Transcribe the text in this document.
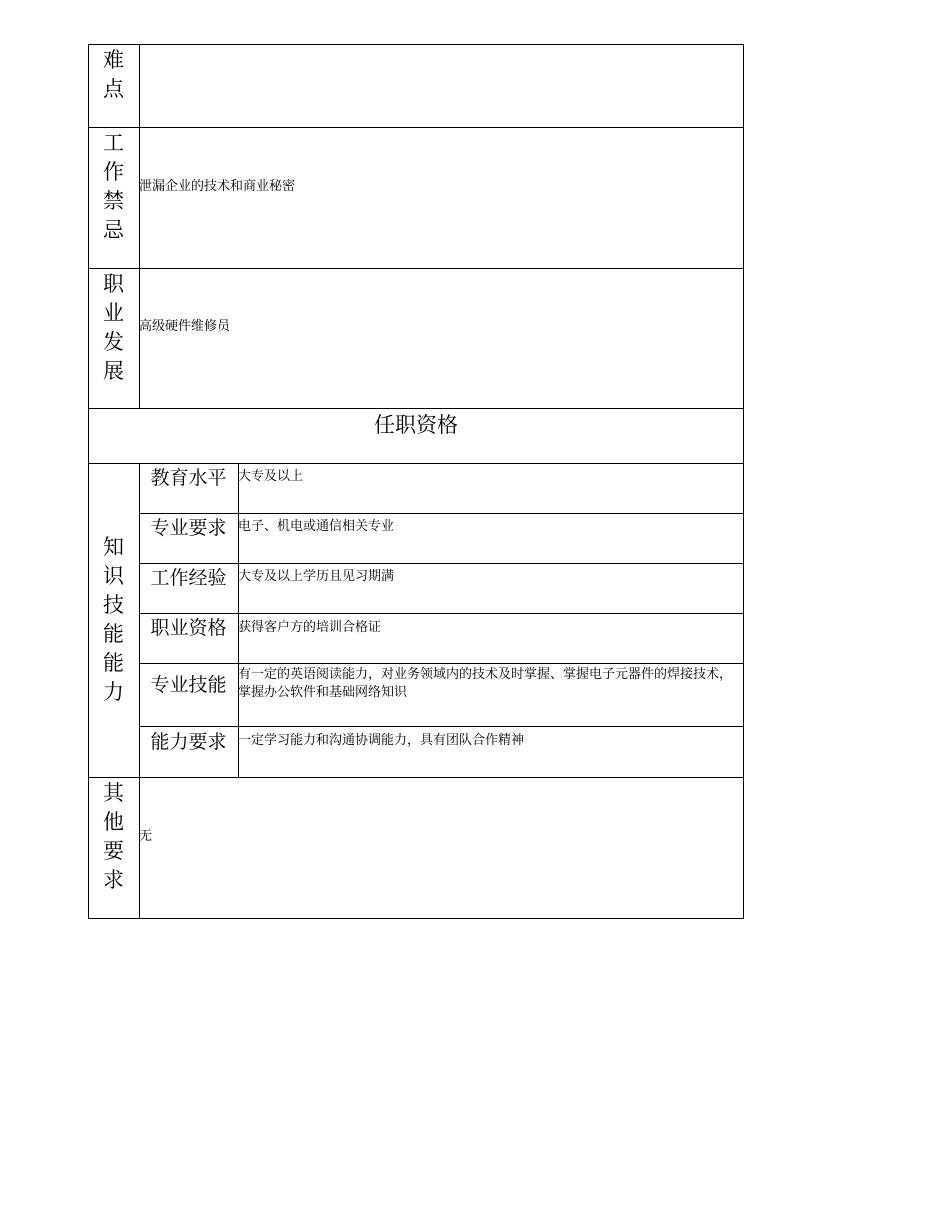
难点
工作禁忌
泄漏企业的技术和商业秘密
职业发展
高级硬件维修员
任职资格
知识技能能力
教育水平 大专及以上
专业要求 电子、机电或通信相关专业
工作经验 大专及以上学历且见习期满
职业资格 获得客户方的培训合格证
专业技能 有一定的英语阅读能力，对业务领域内的技术及时掌握、掌握电子元器件的焊接技术，掌握办公软件和基础网络知识
能力要求 一定学习能力和沟通协调能力，具有团队合作精神
其他要求
无
